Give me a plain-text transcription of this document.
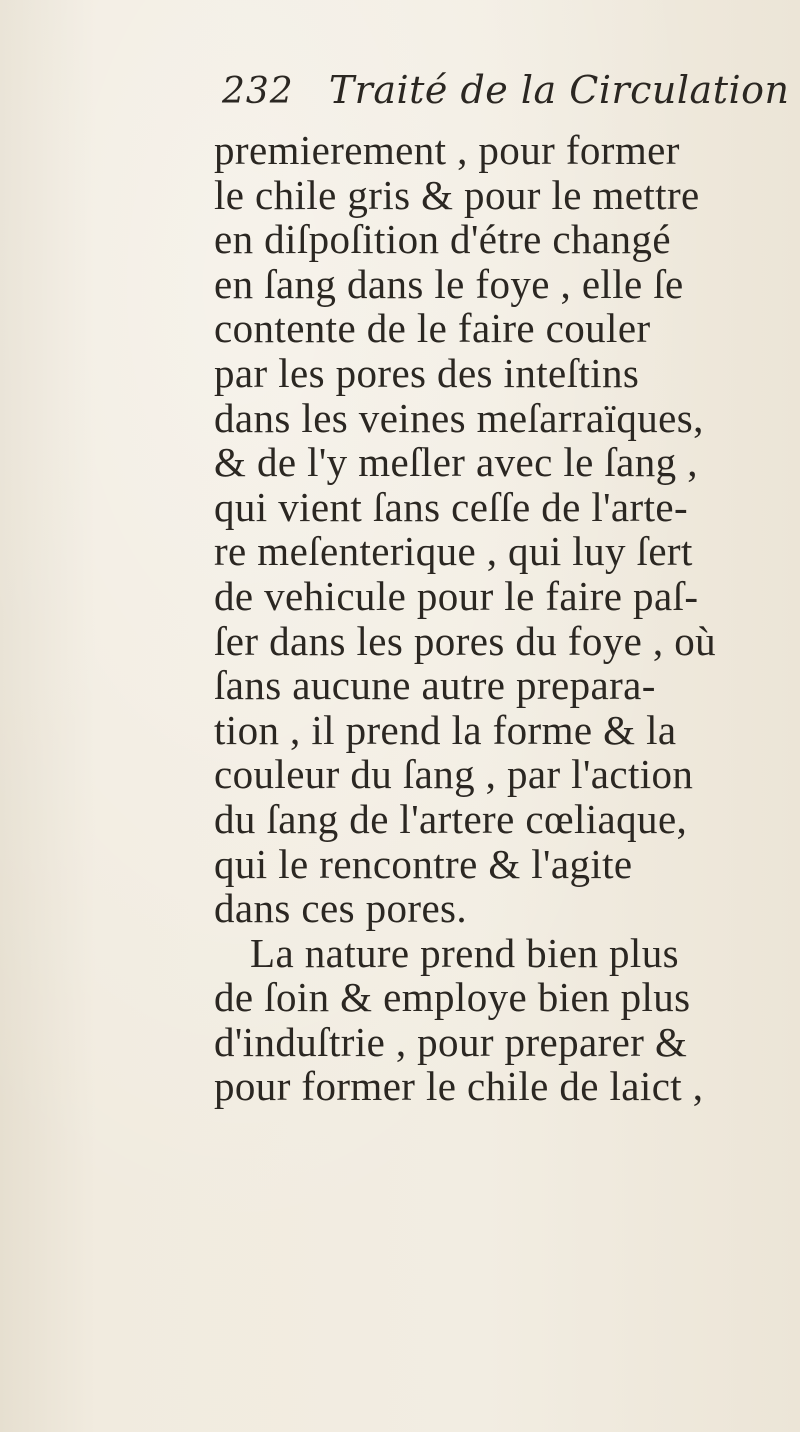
232 Traité de la Circulation
premierement , pour former
le chile gris & pour le mettre
en diſpoſition d'étre changé
en ſang dans le foye , elle ſe
contente de le faire couler
par les pores des inteſtins
dans les veines meſarraïques,
& de l'y meſler avec le ſang ,
qui vient ſans ceſſe de l'arte-
re meſenterique , qui luy ſert
de vehicule pour le faire paſ-
ſer dans les pores du foye , où
ſans aucune autre prepara-
tion , il prend la forme & la
couleur du ſang , par l'action
du ſang de l'artere cœliaque,
qui le rencontre & l'agite
dans ces pores.
La nature prend bien plus
de ſoin & employe bien plus
d'induſtrie , pour preparer &
pour former le chile de laict ,
